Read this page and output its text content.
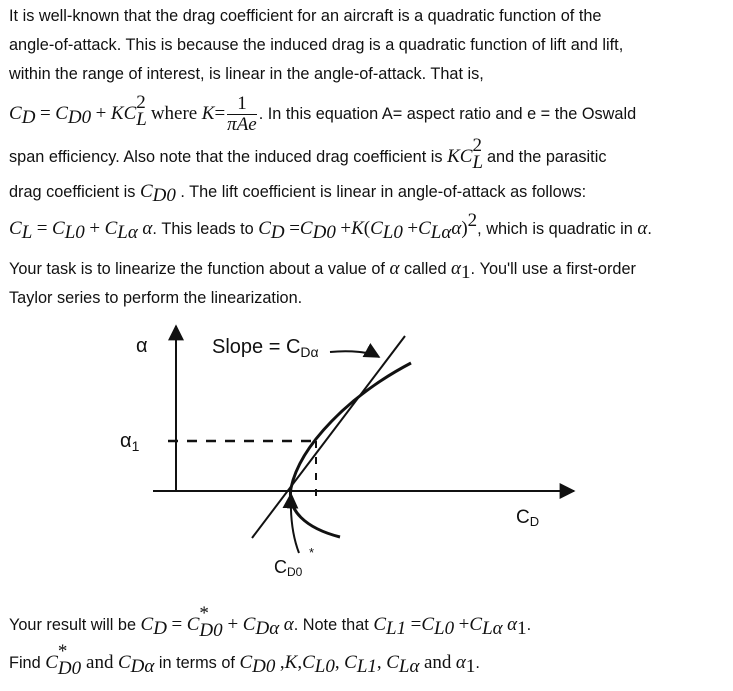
It is well-known that the drag coefficient for an aircraft is a quadratic function of the
angle-of-attack. This is because the induced drag is a quadratic function of lift and lift,
within the range of interest, is linear in the angle-of-attack. That is,
$C_D = C_{D0}$ + KC
2
L where $K= \frac{1}{\text{πAe}}$ . In this equation A= aspect ratio and e = the Oswald
span efficiency. Also note that the induced drag coefficient is KC
2
L and the parasitic
drag coefficient is $C_{D0}$ . The lift coefficient is linear in angle-of-attack as follows:
$C_L = C_{L0} + C_{L\alpha}$ α. This leads to $C_D =C_{D0} +K(C_{L0} +C_{L\alpha}\alpha)^2$, which is quadratic in α.
Your task is to linearize the function about a value of α called $\alpha_1$. You'll use a first-order
Taylor series to perform the linearization.
α	Slope = $C_{D\alpha}$
$\alpha_1$
$C_D$
$C_{D0}$
*
Your result will be $C_D = C$
*
$D0 + C_{D\alpha}$ α. Note that $C_{L1} =C_{L0} +C_{L\alpha}$ $\alpha_1$.
Find C
*
D0 and $C_{D\alpha}$ in terms of $C_{D0}$ $,K,C_{L0}$, $C_{L1}$, $C_{L\alpha}$ and $\alpha_1$.
